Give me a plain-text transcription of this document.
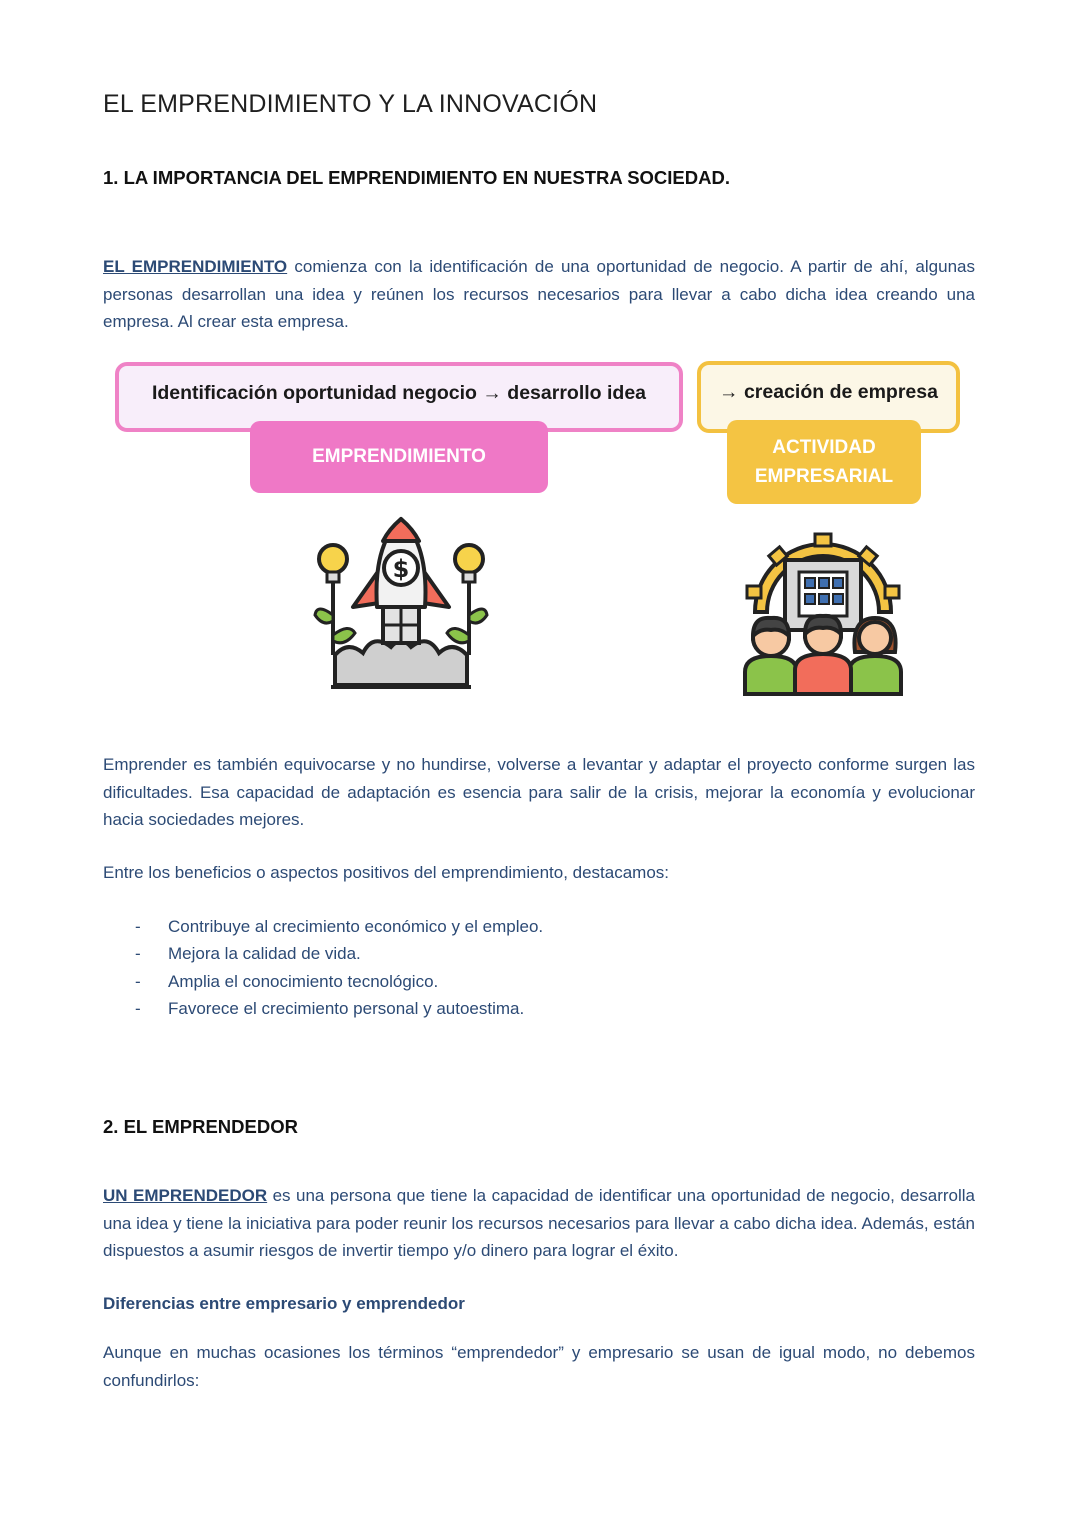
EL EMPRENDIMIENTO Y LA INNOVACIÓN
1. LA IMPORTANCIA DEL EMPRENDIMIENTO EN NUESTRA SOCIEDAD.
EL EMPRENDIMIENTO comienza con la identificación de una oportunidad de negocio. A partir de ahí, algunas personas desarrollan una idea y reúnen los recursos necesarios para llevar a cabo dicha idea creando una empresa. Al crear esta empresa.
Identificación oportunidad negocio → desarrollo idea
EMPRENDIMIENTO
→ creación de empresa
ACTIVIDAD
EMPRESARIAL
$
Emprender es también equivocarse y no hundirse, volverse a levantar y adaptar el proyecto conforme surgen las dificultades. Esa capacidad de adaptación es esencia para salir de la crisis, mejorar la economía y evolucionar hacia sociedades mejores.
Entre los beneficios o aspectos positivos del emprendimiento, destacamos:
- Contribuye al crecimiento económico y el empleo.
- Mejora la calidad de vida.
- Amplia el conocimiento tecnológico.
- Favorece el crecimiento personal y autoestima.
2. EL EMPRENDEDOR
UN EMPRENDEDOR es una persona que tiene la capacidad de identificar una oportunidad de negocio, desarrolla una idea y tiene la iniciativa para poder reunir los recursos necesarios para llevar a cabo dicha idea. Además, están dispuestos a asumir riesgos de invertir tiempo y/o dinero para lograr el éxito.
Diferencias entre empresario y emprendedor
Aunque en muchas ocasiones los términos “emprendedor” y empresario se usan de igual modo, no debemos confundirlos:
